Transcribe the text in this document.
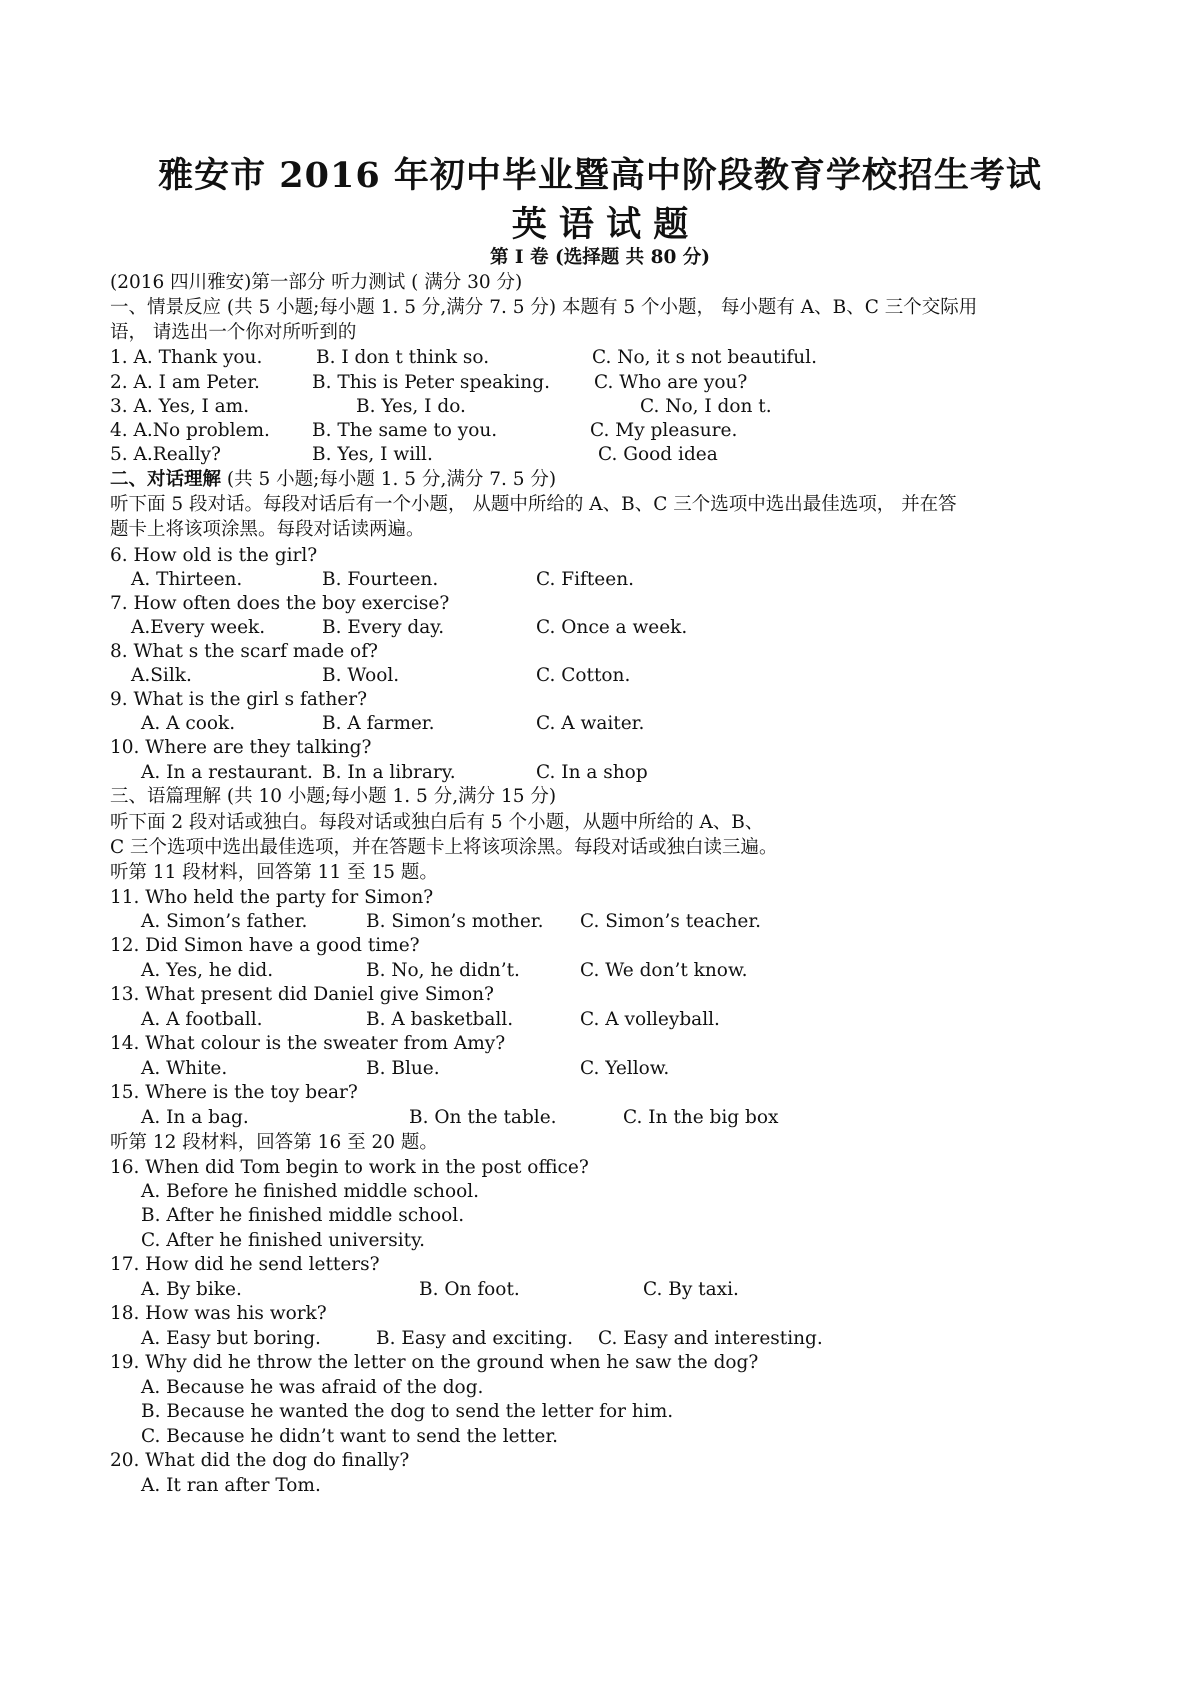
雅安市 2016 年初中毕业暨高中阶段教育学校招生考试
英 语 试 题
第 I 卷 (选择题 共 80 分)
(2016 四川雅安)第一部分 听力测试 ( 满分 30 分)
一、情景反应 (共 5 小题;每小题 1. 5 分,满分 7. 5 分) 本题有 5 个小题， 每小题有 A、B、C 三个交际用
语， 请选出一个你对所听到的
1. A. Thank you.	B. I don t think so.	C. No, it s not beautiful.
2. A. I am Peter.	B. This is Peter speaking. C. Who are you?
3. A. Yes, I am.	B. Yes, I do.	C. No, I don t.
4. A.No problem. B. The same to you.	C. My pleasure.
5. A.Really?	B. Yes, I will.	C. Good idea
二、对话理解 (共 5 小题;每小题 1. 5 分,满分 7. 5 分)
听下面 5 段对话。每段对话后有一个小题， 从题中所给的 A、B、C 三个选项中选出最佳选项， 并在答
题卡上将该项涂黑。每段对话读两遍。
6. How old is the girl?
A. Thirteen.	B. Fourteen.	C. Fifteen.
7. How often does the boy exercise?
A.Every week.	B. Every day.	C. Once a week.
8. What s the scarf made of?
A.Silk.	B. Wool.	C. Cotton.
9. What is the girl s father?
A. A cook.	B. A farmer.	C. A waiter.
10. Where are they talking?
A. In a restaurant. B. In a library.	C. In a shop
三、语篇理解 (共 10 小题;每小题 1. 5 分,满分 15 分)
听下面 2 段对话或独白。每段对话或独白后有 5 个小题，从题中所给的 A、B、
C 三个选项中选出最佳选项，并在答题卡上将该项涂黑。每段对话或独白读三遍。
听第 11 段材料，回答第 11 至 15 题。
11. Who held the party for Simon?
A. Simon’s father.	B. Simon’s mother. C. Simon’s teacher.
12. Did Simon have a good time?
A. Yes, he did.	B. No, he didn’t.	C. We don’t know.
13. What present did Daniel give Simon?
A. A football.	B. A basketball.	C. A volleyball.
14. What colour is the sweater from Amy?
A. White.	B. Blue.	C. Yellow.
15. Where is the toy bear?
A. In a bag.	B. On the table.	C. In the big box
听第 12 段材料，回答第 16 至 20 题。
16. When did Tom begin to work in the post office?
A. Before he finished middle school.
B. After he finished middle school.
C. After he finished university.
17. How did he send letters?
A. By bike.	B. On foot.	C. By taxi.
18. How was his work?
A. Easy but boring.	B. Easy and exciting. C. Easy and interesting.
19. Why did he throw the letter on the ground when he saw the dog?
A. Because he was afraid of the dog.
B. Because he wanted the dog to send the letter for him.
C. Because he didn’t want to send the letter.
20. What did the dog do finally?
A. It ran after Tom.
